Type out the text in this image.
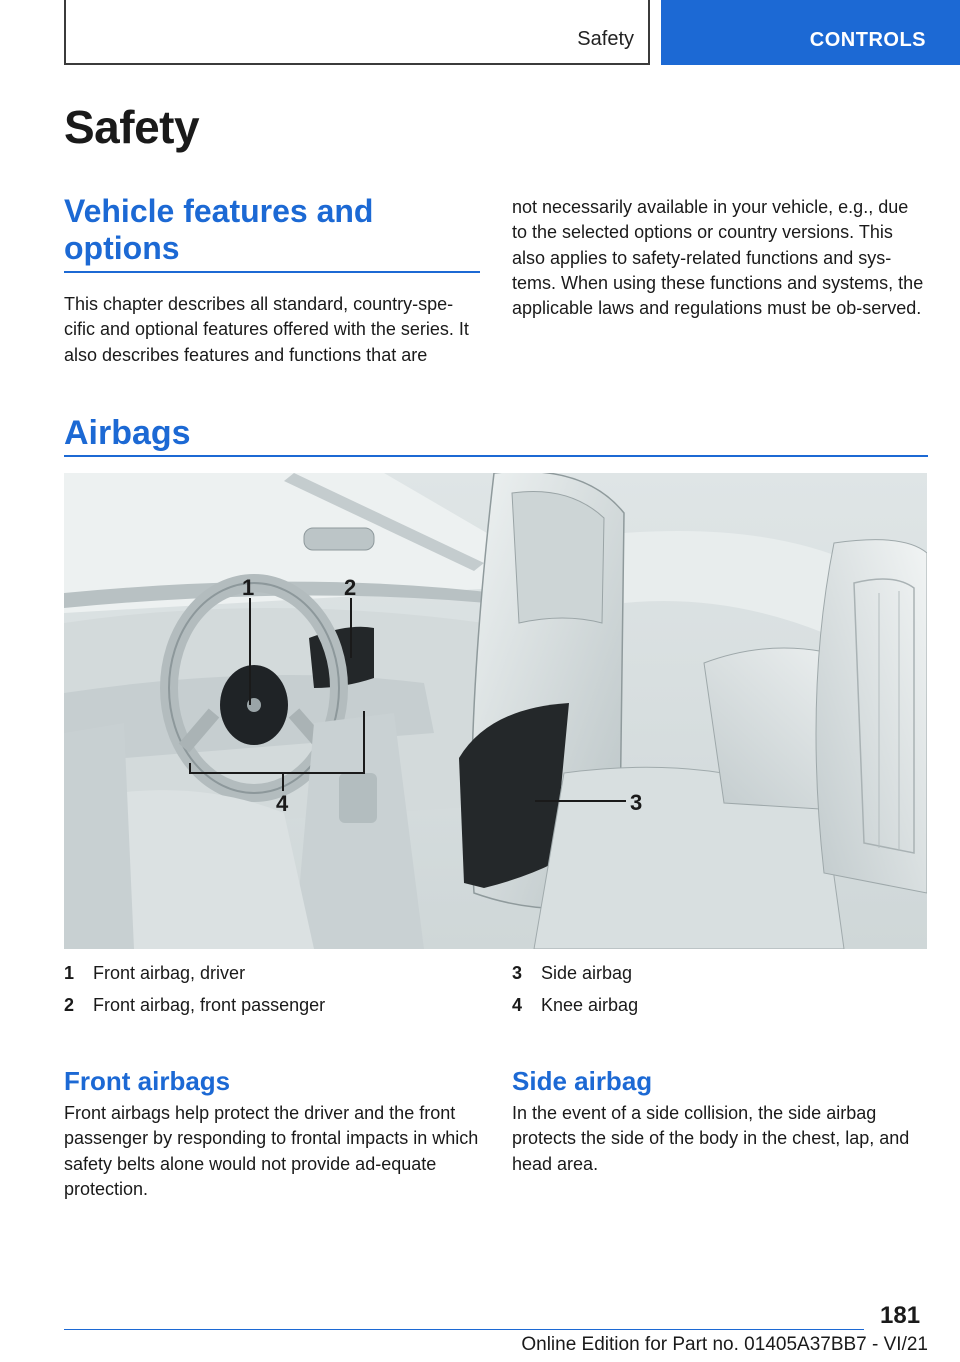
Safety	CONTROLS
Safety
Vehicle features and options

This chapter describes all standard, country-spe-cific and optional features offered with the series. It also describes features and functions that are

not necessarily available in your vehicle, e.g., due to the selected options or country versions. This also applies to safety-related functions and sys-tems. When using these functions and systems, the applicable laws and regulations must be ob-served.

Airbags
1	2
3
4
1	Front airbag, driver
2	Front airbag, front passenger
3	Side airbag
4	Knee airbag
Front airbags

Front airbags help protect the driver and the front passenger by responding to frontal impacts in which safety belts alone would not provide ad-equate protection.

Side airbag

In the event of a side collision, the side airbag protects the side of the body in the chest, lap, and head area.

181
Online Edition for Part no. 01405A37BB7 - VI/21
